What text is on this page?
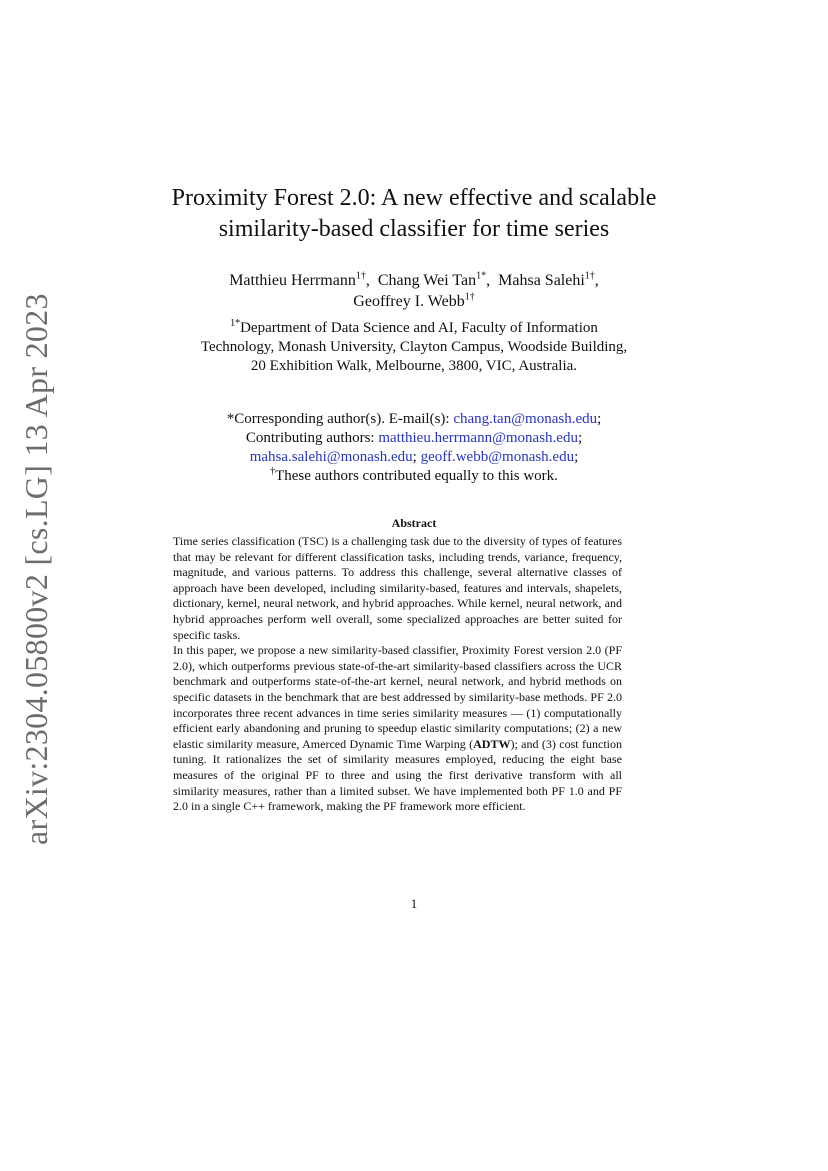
arXiv:2304.05800v2 [cs.LG] 13 Apr 2023
Proximity Forest 2.0: A new effective and scalable
similarity-based classifier for time series
Matthieu Herrmann$^{1\dagger}$,  Chang Wei Tan$^{1*}$,  Mahsa Salehi$^{1\dagger}$,
Geoffrey I. Webb$^{1\dagger}$
$^{1*}$Department of Data Science and AI, Faculty of Information
Technology, Monash University, Clayton Campus, Woodside Building,
20 Exhibition Walk, Melbourne, 3800, VIC, Australia.
*Corresponding author(s). E-mail(s): chang.tan@monash.edu;
Contributing authors: matthieu.herrmann@monash.edu;
mahsa.salehi@monash.edu; geoff.webb@monash.edu;
†These authors contributed equally to this work.
Abstract

Time series classification (TSC) is a challenging task due to the diversity of types of features that may be relevant for different classification tasks, including trends, variance, frequency, magnitude, and various patterns. To address this challenge, several alternative classes of approach have been developed, including similarity-based, features and intervals, shapelets, dictionary, kernel, neural network, and hybrid approaches. While kernel, neural network, and hybrid approaches perform well overall, some specialized approaches are better suited for specific tasks.

In this paper, we propose a new similarity-based classifier, Proximity Forest version 2.0 (PF 2.0), which outperforms previous state-of-the-art similarity-based classifiers across the UCR benchmark and outperforms state-of-the-art kernel, neural network, and hybrid methods on specific datasets in the benchmark that are best addressed by similarity-base methods. PF 2.0 incorporates three recent advances in time series similarity measures — (1) computationally efficient early abandoning and pruning to speedup elastic similarity computations; (2) a new elastic similarity measure, Amerced Dynamic Time Warping (ADTW); and (3) cost function tuning. It rationalizes the set of similarity measures employed, reducing the eight base measures of the original PF to three and using the first derivative transform with all similarity measures, rather than a limited subset. We have implemented both PF 1.0 and PF 2.0 in a single C++ framework, making the PF framework more efficient.

1
